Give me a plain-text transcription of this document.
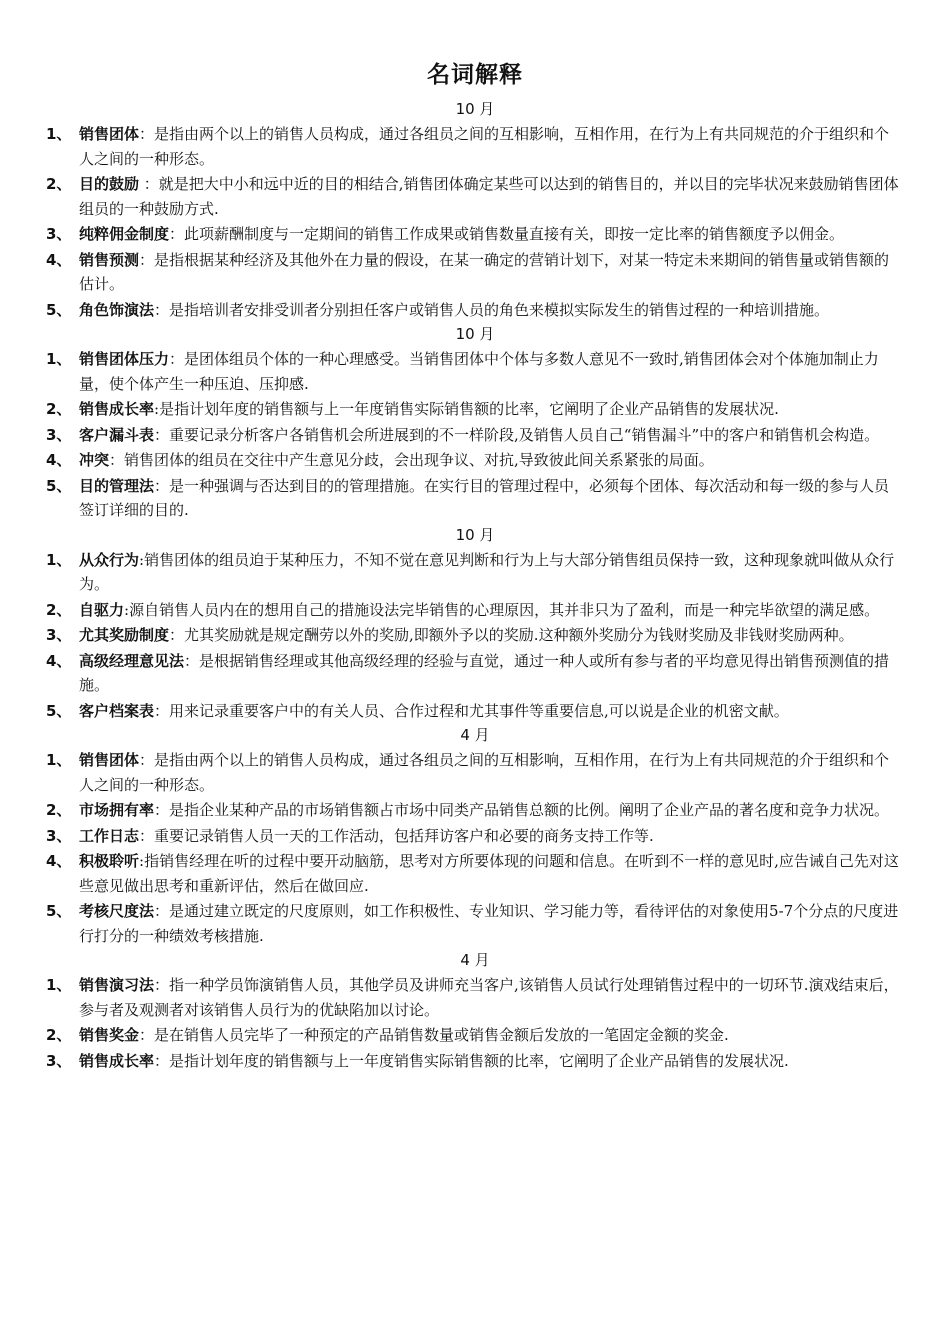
名词解释
10 月
1、 销售团体：是指由两个以上的销售人员构成，通过各组员之间的互相影响，互相作用，在行为上有共同规范的介于组织和个人之间的一种形态。
2、 目的鼓励 ：就是把大中小和远中近的目的相结合,销售团体确定某些可以达到的销售目的，并以目的完毕状况来鼓励销售团体组员的一种鼓励方式.
3、 纯粹佣金制度：此项薪酬制度与一定期间的销售工作成果或销售数量直接有关，即按一定比率的销售额度予以佣金。
4、 销售预测：是指根据某种经济及其他外在力量的假设，在某一确定的营销计划下，对某一特定未来期间的销售量或销售额的估计。
5、 角色饰演法：是指培训者安排受训者分别担任客户或销售人员的角色来模拟实际发生的销售过程的一种培训措施。
10 月
1、 销售团体压力：是团体组员个体的一种心理感受。当销售团体中个体与多数人意见不一致时,销售团体会对个体施加制止力量，使个体产生一种压迫、压抑感.
2、 销售成长率:是指计划年度的销售额与上一年度销售实际销售额的比率，它阐明了企业产品销售的发展状况.
3、 客户漏斗表：重要记录分析客户各销售机会所进展到的不一样阶段,及销售人员自己“销售漏斗”中的客户和销售机会构造。
4、 冲突：销售团体的组员在交往中产生意见分歧，会出现争议、对抗,导致彼此间关系紧张的局面。
5、 目的管理法：是一种强调与否达到目的的管理措施。在实行目的管理过程中，必须每个团体、每次活动和每一级的参与人员签订详细的目的.
10 月
1、 从众行为:销售团体的组员迫于某种压力，不知不觉在意见判断和行为上与大部分销售组员保持一致，这种现象就叫做从众行为。
2、 自驱力:源自销售人员内在的想用自己的措施设法完毕销售的心理原因，其并非只为了盈利，而是一种完毕欲望的满足感。
3、 尤其奖励制度：尤其奖励就是规定酬劳以外的奖励,即额外予以的奖励.这种额外奖励分为钱财奖励及非钱财奖励两种。
4、 高级经理意见法：是根据销售经理或其他高级经理的经验与直觉，通过一种人或所有参与者的平均意见得出销售预测值的措施。
5、 客户档案表：用来记录重要客户中的有关人员、合作过程和尤其事件等重要信息,可以说是企业的机密文献。
4 月
1、 销售团体：是指由两个以上的销售人员构成，通过各组员之间的互相影响，互相作用，在行为上有共同规范的介于组织和个人之间的一种形态。
2、 市场拥有率：是指企业某种产品的市场销售额占市场中同类产品销售总额的比例。阐明了企业产品的著名度和竞争力状况。
3、 工作日志：重要记录销售人员一天的工作活动，包括拜访客户和必要的商务支持工作等.
4、 积极聆听:指销售经理在听的过程中要开动脑筋，思考对方所要体现的问题和信息。在听到不一样的意见时,应告诫自己先对这些意见做出思考和重新评估，然后在做回应.
5、 考核尺度法：是通过建立既定的尺度原则，如工作积极性、专业知识、学习能力等，看待评估的对象使用5-7个分点的尺度进行打分的一种绩效考核措施.
4 月
1、 销售演习法：指一种学员饰演销售人员，其他学员及讲师充当客户,该销售人员试行处理销售过程中的一切环节.演戏结束后，参与者及观测者对该销售人员行为的优缺陷加以讨论。
2、 销售奖金：是在销售人员完毕了一种预定的产品销售数量或销售金额后发放的一笔固定金额的奖金.
3、 销售成长率：是指计划年度的销售额与上一年度销售实际销售额的比率，它阐明了企业产品销售的发展状况.
